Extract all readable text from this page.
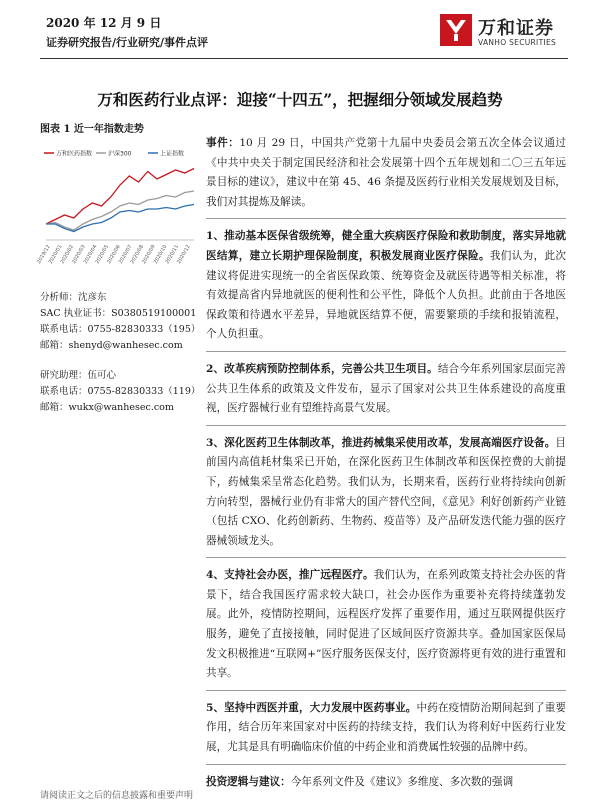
2020 年 12 月 9 日
证券研究报告/行业研究/事件点评
万和证券
VANHO SECURITIES
万和医药行业点评：迎接“十四五”，把握细分领域发展趋势
图表 1 近一年指数走势
万和医药指数	沪深300	上证指数
2019/12
2020/01
2020/02
2020/03
2020/04
2020/05
2020/06
2020/07
2020/08
2020/09
2020/10
2020/11
2020/12
分析师：沈彦东
SAC 执业证书：S0380519100001
联系电话：0755-82830333（195）
邮箱：shenyd@wanhesec.com
研究助理：伍可心
联系电话：0755-82830333（119）
邮箱：wukx@wanhesec.com

事件：10 月 29 日，中国共产党第十九届中央委员会第五次全体会议通过《中共中央关于制定国民经济和社会发展第十四个五年规划和二〇三五年远景目标的建议》，建议中在第 45、46 条提及医药行业相关发展规划及目标，我们对其提炼及解读。

1、推动基本医保省级统筹，健全重大疾病医疗保险和救助制度，落实异地就医结算，建立长期护理保险制度，积极发展商业医疗保险。我们认为，此次建议将促进实现统一的全省医保政策、统筹资金及就医待遇等相关标准，将有效提高省内异地就医的便利性和公平性，降低个人负担。此前由于各地医保政策和待遇水平差异，异地就医结算不便，需要繁琐的手续和报销流程，个人负担重。

2、改革疾病预防控制体系，完善公共卫生项目。结合今年系列国家层面完善公共卫生体系的政策及文件发布，显示了国家对公共卫生体系建设的高度重视，医疗器械行业有望维持高景气发展。

3、深化医药卫生体制改革，推进药械集采使用改革，发展高端医疗设备。目前国内高值耗材集采已开始，在深化医药卫生体制改革和医保控费的大前提下，药械集采呈常态化趋势。我们认为，长期来看，医药行业将持续向创新方向转型，器械行业仍有非常大的国产替代空间，《意见》利好创新药产业链（包括 CXO、化药创新药、生物药、疫苗等）及产品研发迭代能力强的医疗器械领域龙头。

4、支持社会办医，推广远程医疗。我们认为，在系列政策支持社会办医的背景下，结合我国医疗需求较大缺口，社会办医作为重要补充将持续蓬勃发展。此外，疫情防控期间，远程医疗发挥了重要作用，通过互联网提供医疗服务，避免了直接接触，同时促进了区域间医疗资源共享。叠加国家医保局发文积极推进“互联网+”医疗服务医保支付，医疗资源将更有效的进行重置和共享。

5、坚持中西医并重，大力发展中医药事业。中药在疫情防治期间起到了重要作用，结合历年来国家对中医药的持续支持，我们认为将利好中医药行业发展，尤其是具有明确临床价值的中药企业和消费属性较强的品牌中药。

投资逻辑与建议：今年系列文件及《建议》多维度、多次数的强调

请阅读正文之后的信息披露和重要声明
